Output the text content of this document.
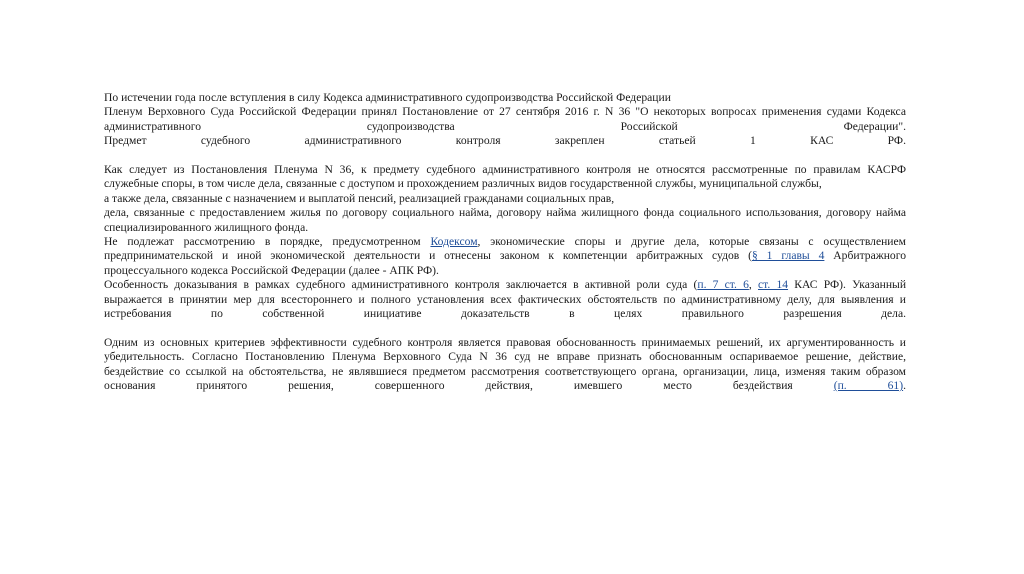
По истечении года после вступления в силу Кодекса административного судопроизводства Российской Федерации

Пленум Верховного Суда Российской Федерации принял Постановление от 27 сентября 2016 г. N 36 "О некоторых вопросах применения судами Кодекса

административного судопроизводства Российской Федерации".

Предмет судебного административного контроля закреплен статьей 1 КАС РФ.

Как следует из Постановления Пленума N 36, к предмету судебного административного контроля не относятся рассмотренные по правилам КАСРФ

служебные споры, в том числе дела, связанные с доступом и прохождением различных видов государственной службы, муниципальной службы,

а также дела, связанные с назначением и выплатой пенсий, реализацией гражданами социальных прав,

дела, связанные с предоставлением жилья по договору социального найма, договору найма жилищного фонда социального использования, договору найма

специализированного жилищного фонда.

Не подлежат рассмотрению в порядке, предусмотренном Кодексом, экономические споры и другие дела, которые связаны с осуществлением

предпринимательской и иной экономической деятельности и отнесены законом к компетенции арбитражных судов (§ 1 главы 4 Арбитражного

процессуального кодекса Российской Федерации (далее - АПК РФ).

Особенность доказывания в рамках судебного административного контроля заключается в активной роли суда (п. 7 ст. 6, ст. 14 КАС РФ). Указанный

выражается в принятии мер для всестороннего и полного установления всех фактических обстоятельств по административному делу, для выявления и

истребования по собственной инициативе доказательств в целях правильного разрешения дела.

Одним из основных критериев эффективности судебного контроля является правовая обоснованность принимаемых решений, их аргументированность и

убедительность. Согласно Постановлению Пленума Верховного Суда N 36 суд не вправе признать обоснованным оспариваемое решение, действие,

бездействие со ссылкой на обстоятельства, не являвшиеся предметом рассмотрения соответствующего органа, организации, лица, изменяя таким образом

основания принятого решения, совершенного действия, имевшего место бездействия (п. 61).
